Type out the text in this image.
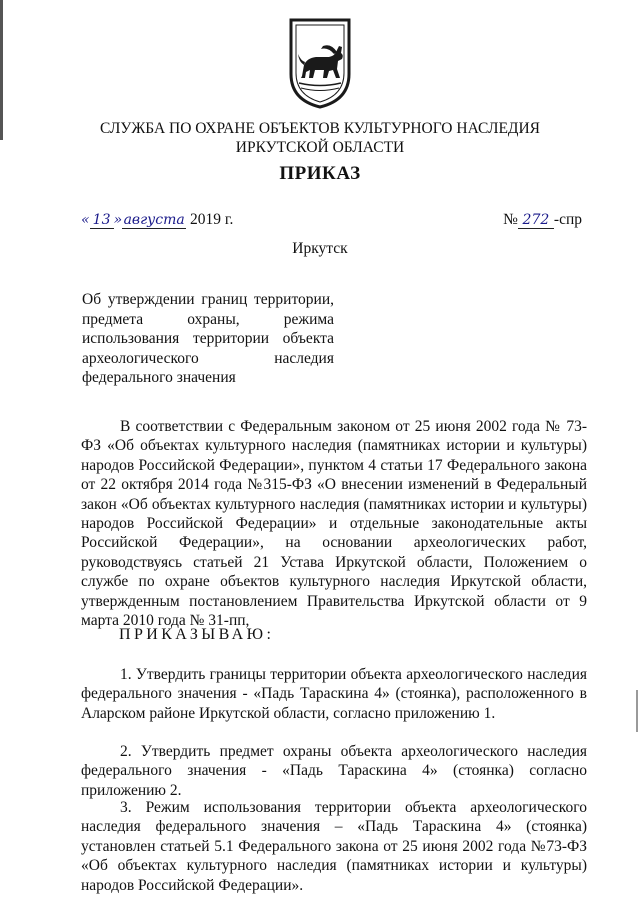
СЛУЖБА ПО ОХРАНЕ ОБЪЕКТОВ КУЛЬТУРНОГО НАСЛЕДИЯ

ИРКУТСКОЙ ОБЛАСТИ

ПРИКАЗ

« 13 »августа 2019 г.	№ 272 -спр

Иркутск

Об утверждении границ территории,
предмета охраны, режима
использования территории объекта
археологического наследия
федерального значения

В соответствии с Федеральным законом от 25 июня 2002 года № 73-ФЗ «Об объектах культурного наследия (памятниках истории и культуры) народов Российской Федерации», пунктом 4 статьи 17 Федерального закона от 22 октября 2014 года №315-ФЗ «О внесении изменений в Федеральный закон «Об объектах культурного наследия (памятниках истории и культуры) народов Российской Федерации» и отдельные законодательные акты Российской Федерации», на основании археологических работ, руководствуясь статьей 21 Устава Иркутской области, Положением о службе по охране объектов культурного наследия Иркутской области, утвержденным постановлением Правительства Иркутской области от 9 марта 2010 года № 31-пп,

ПРИКАЗЫВАЮ:

1. Утвердить границы территории объекта археологического наследия федерального значения - «Падь Тараскина 4» (стоянка), расположенного в Аларском районе Иркутской области, согласно приложению 1.

2. Утвердить предмет охраны объекта археологического наследия федерального значения - «Падь Тараскина 4» (стоянка) согласно приложению 2.

3. Режим использования территории объекта археологического наследия федерального значения – «Падь Тараскина 4» (стоянка) установлен статьей 5.1 Федерального закона от 25 июня 2002 года №73-ФЗ «Об объектах культурного наследия (памятниках истории и культуры) народов Российской Федерации».
